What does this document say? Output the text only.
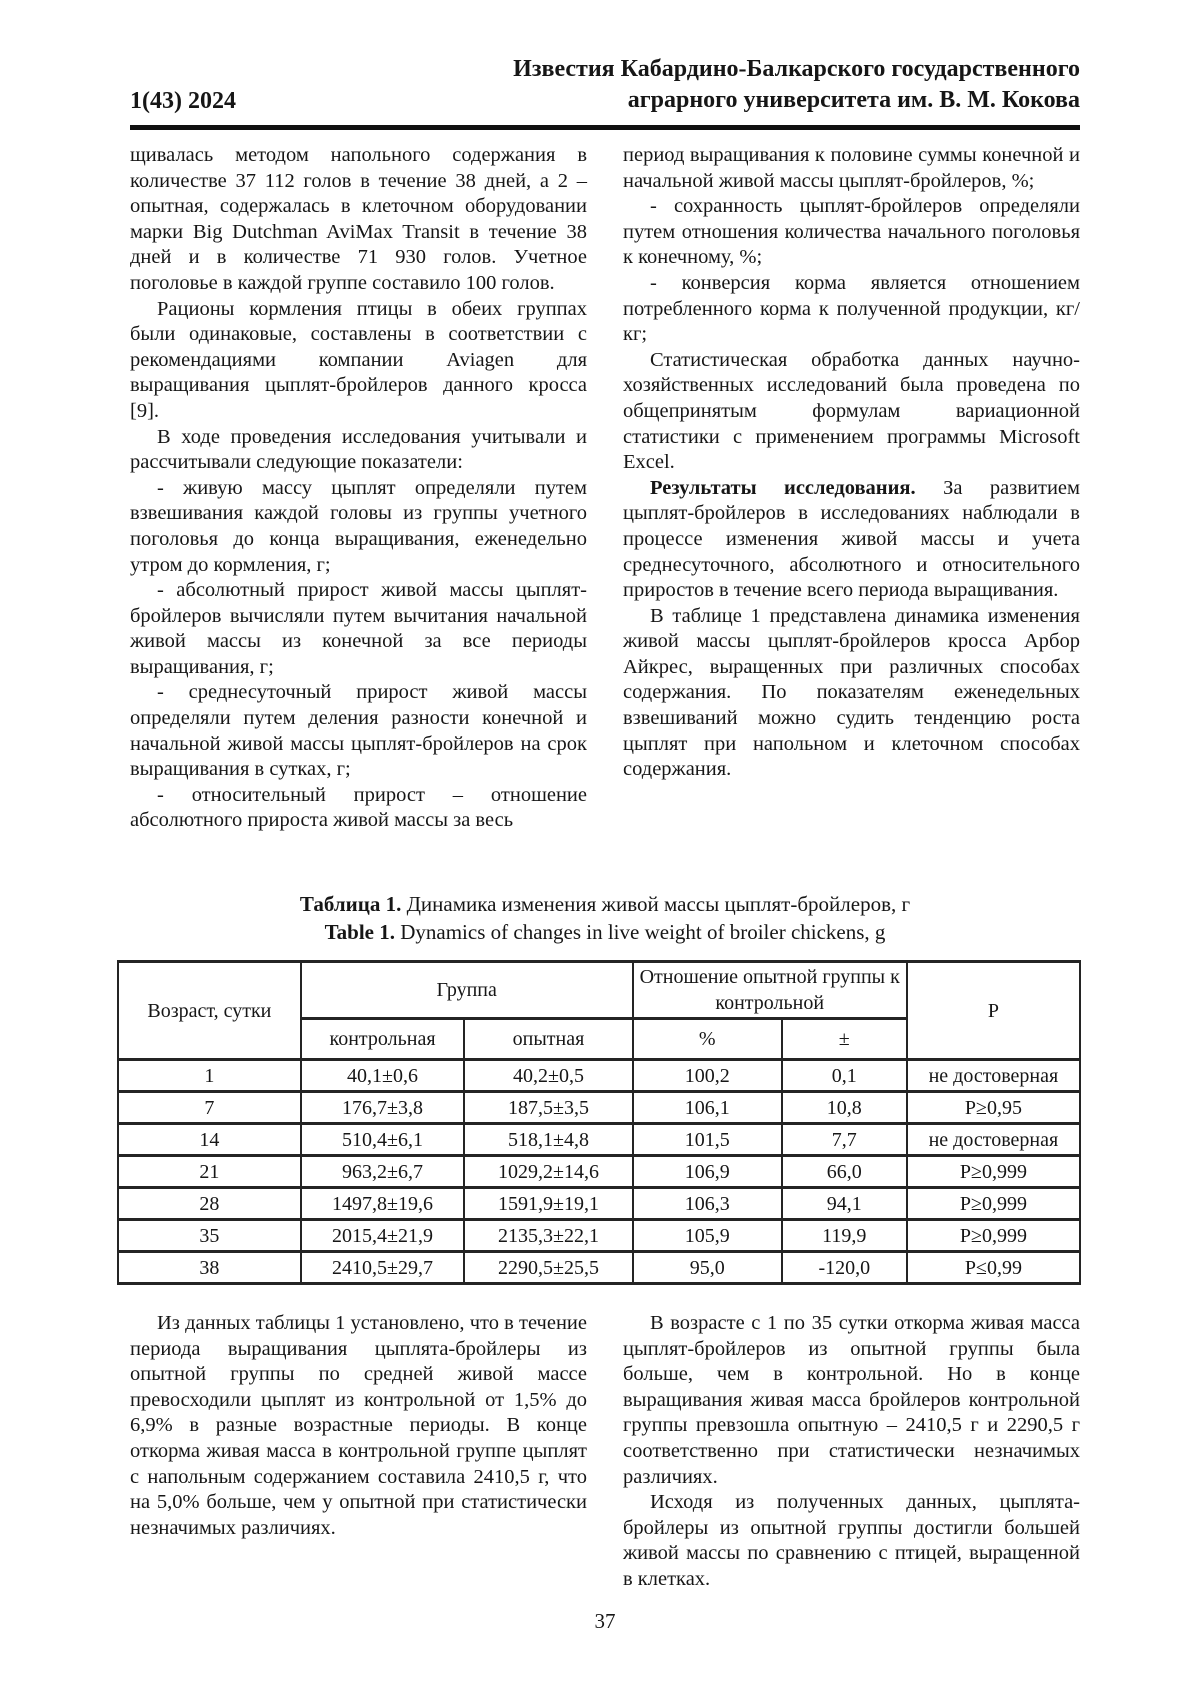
1(43) 2024
Известия Кабардино-Балкарского государственного
аграрного университета им. В. М. Кокова

щивалась методом напольного содержания в количестве 37 112 голов в течение 38 дней, а 2 – опытная, содержалась в клеточном оборудовании марки Big Dutchman AviMax Transit в течение 38 дней и в количестве 71 930 голов. Учетное поголовье в каждой группе составило 100 голов.

Рационы кормления птицы в обеих группах были одинаковые, составлены в соответствии с рекомендациями компании Aviagen для выращивания цыплят-бройлеров данного кросса [9].

В ходе проведения исследования учитывали и рассчитывали следующие показатели:

- живую массу цыплят определяли путем взвешивания каждой головы из группы учетного поголовья до конца выращивания, еженедельно утром до кормления, г;

- абсолютный прирост живой массы цыплят-бройлеров вычисляли путем вычитания начальной живой массы из конечной за все периоды выращивания, г;

- среднесуточный прирост живой массы определяли путем деления разности конечной и начальной живой массы цыплят-бройлеров на срок выращивания в сутках, г;

- относительный прирост – отношение абсолютного прироста живой массы за весь

период выращивания к половине суммы конечной и начальной живой массы цыплят-бройлеров, %;

- сохранность цыплят-бройлеров определяли путем отношения количества начального поголовья к конечному, %;

- конверсия корма является отношением потребленного корма к полученной продукции, кг/кг;

Статистическая обработка данных научно-хозяйственных исследований была проведена по общепринятым формулам вариационной статистики с применением программы Microsoft Excel.

Результаты исследования. За развитием цыплят-бройлеров в исследованиях наблюдали в процессе изменения живой массы и учета среднесуточного, абсолютного и относительного приростов в течение всего периода выращивания.

В таблице 1 представлена динамика изменения живой массы цыплят-бройлеров кросса Арбор Айкрес, выращенных при различных способах содержания. По показателям еженедельных взвешиваний можно судить тенденцию роста цыплят при напольном и клеточном способах содержания.

Таблица 1. Динамика изменения живой массы цыплят-бройлеров, г
Table 1. Dynamics of changes in live weight of broiler chickens, g
Возраст, сутки	Группа		Отношение опытной группы к контрольной		Р
	контрольная	опытная	%	±	
1	40,1±0,6	40,2±0,5	100,2	0,1	не достоверная
7	176,7±3,8	187,5±3,5	106,1	10,8	Р≥0,95
14	510,4±6,1	518,1±4,8	101,5	7,7	не достоверная
21	963,2±6,7	1029,2±14,6	106,9	66,0	Р≥0,999
28	1497,8±19,6	1591,9±19,1	106,3	94,1	Р≥0,999
35	2015,4±21,9	2135,3±22,1	105,9	119,9	Р≥0,999
38	2410,5±29,7	2290,5±25,5	95,0	-120,0	Р≤0,99

Из данных таблицы 1 установлено, что в течение периода выращивания цыплята-бройлеры из опытной группы по средней живой массе превосходили цыплят из контрольной от 1,5% до 6,9% в разные возрастные периоды. В конце откорма живая масса в контрольной группе цыплят с напольным содержанием составила 2410,5 г, что на 5,0% больше, чем у опытной при статистически незначимых различиях.

В возрасте с 1 по 35 сутки откорма живая масса цыплят-бройлеров из опытной группы была больше, чем в контрольной. Но в конце выращивания живая масса бройлеров контрольной группы превзошла опытную – 2410,5 г и 2290,5 г соответственно при статистически незначимых различиях.

Исходя из полученных данных, цыплята-бройлеры из опытной группы достигли большей живой массы по сравнению с птицей, выращенной в клетках.

37
